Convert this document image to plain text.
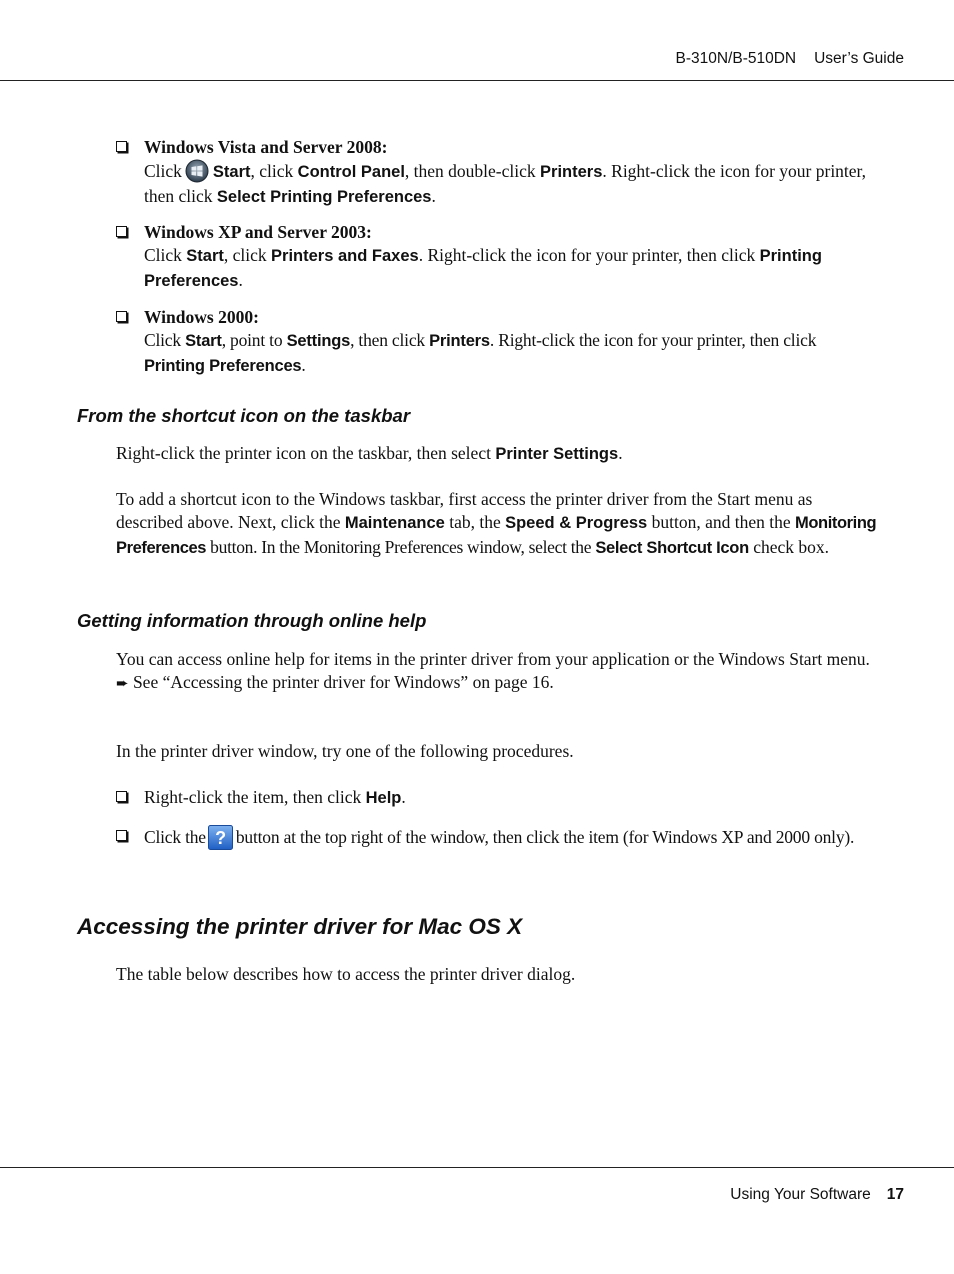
B-310N/B-510DN User’s Guide
Windows Vista and Server 2008:
Click Start, click Control Panel, then double-click Printers. Right-click the icon for your printer, then click Select Printing Preferences.
Windows XP and Server 2003:
Click Start, click Printers and Faxes. Right-click the icon for your printer, then click Printing Preferences.
Windows 2000:
Click Start, point to Settings, then click Printers. Right-click the icon for your printer, then click Printing Preferences.
From the shortcut icon on the taskbar
Right-click the printer icon on the taskbar, then select Printer Settings.
To add a shortcut icon to the Windows taskbar, first access the printer driver from the Start menu as described above. Next, click the Maintenance tab, the Speed & Progress button, and then the Monitoring Preferences button. In the Monitoring Preferences window, select the Select Shortcut Icon check box.
Getting information through online help
You can access online help for items in the printer driver from your application or the Windows Start menu.
➨ See “Accessing the printer driver for Windows” on page 16.
In the printer driver window, try one of the following procedures.
Right-click the item, then click Help.
Click the ? button at the top right of the window, then click the item (for Windows XP and 2000 only).
Accessing the printer driver for Mac OS X
The table below describes how to access the printer driver dialog.
Using Your Software 17
